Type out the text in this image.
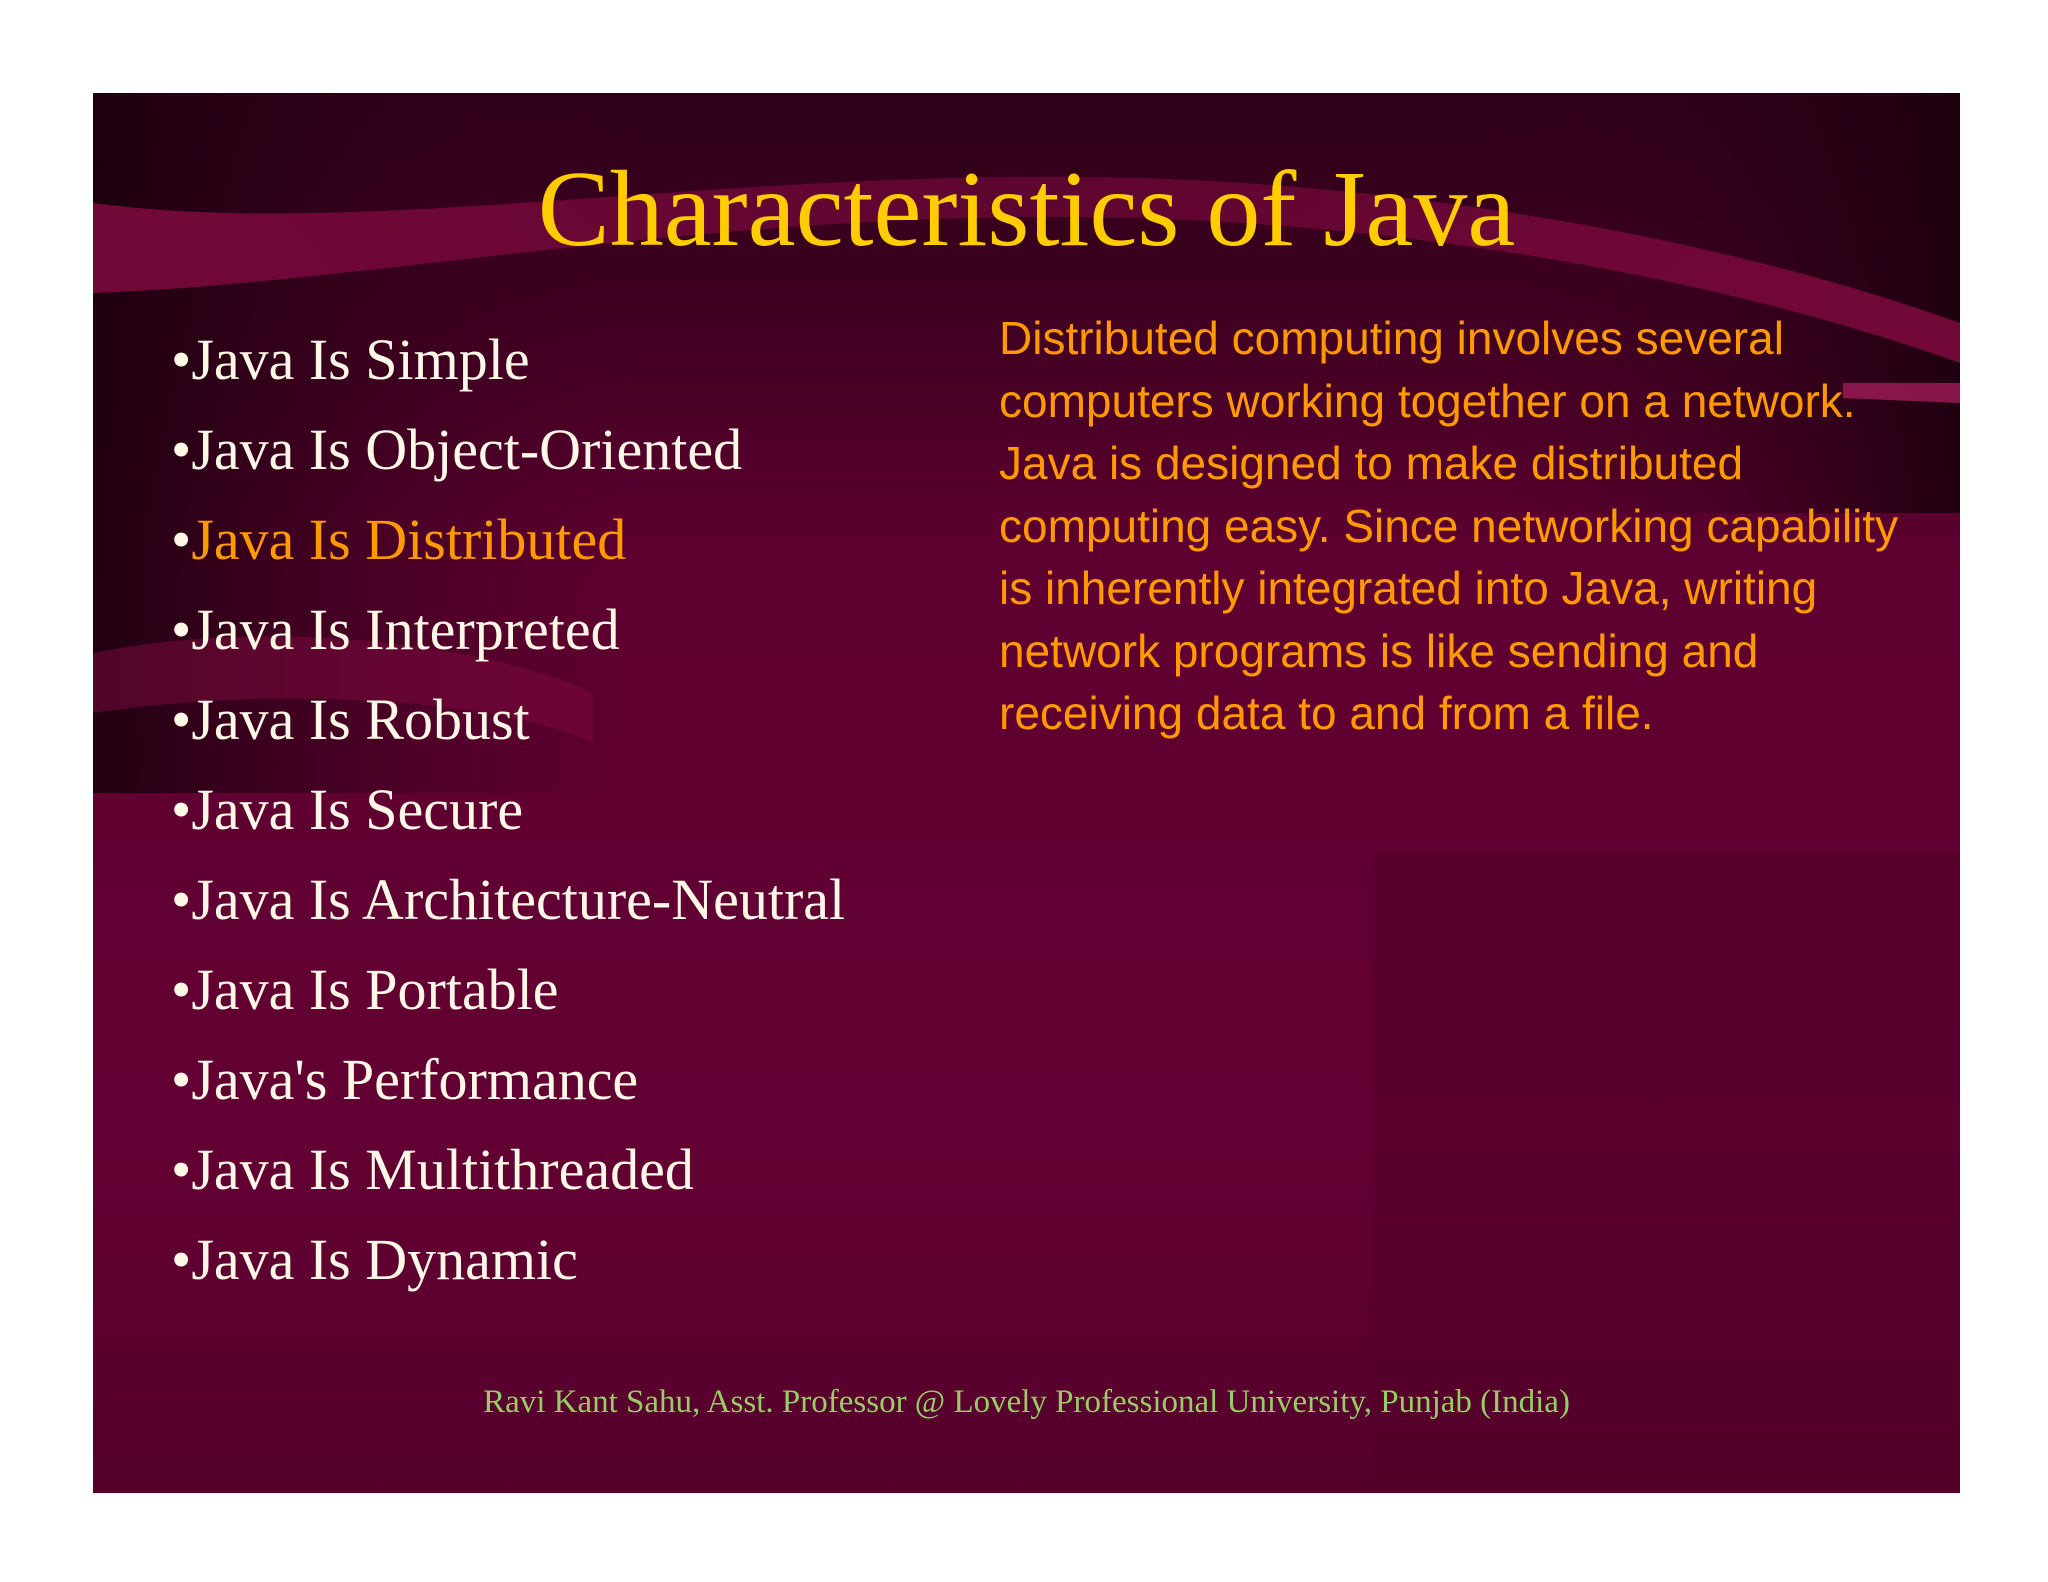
Characteristics of Java
•Java Is Simple
•Java Is Object-Oriented
•Java Is Distributed
•Java Is Interpreted
•Java Is Robust
•Java Is Secure
•Java Is Architecture-Neutral
•Java Is Portable
•Java's Performance
•Java Is Multithreaded
•Java Is Dynamic

Distributed computing involves several computers working together on a network. Java is designed to make distributed computing easy. Since networking capability is inherently integrated into Java, writing network programs is like sending and receiving data to and from a file.

Ravi Kant Sahu, Asst. Professor @ Lovely Professional University, Punjab (India)
